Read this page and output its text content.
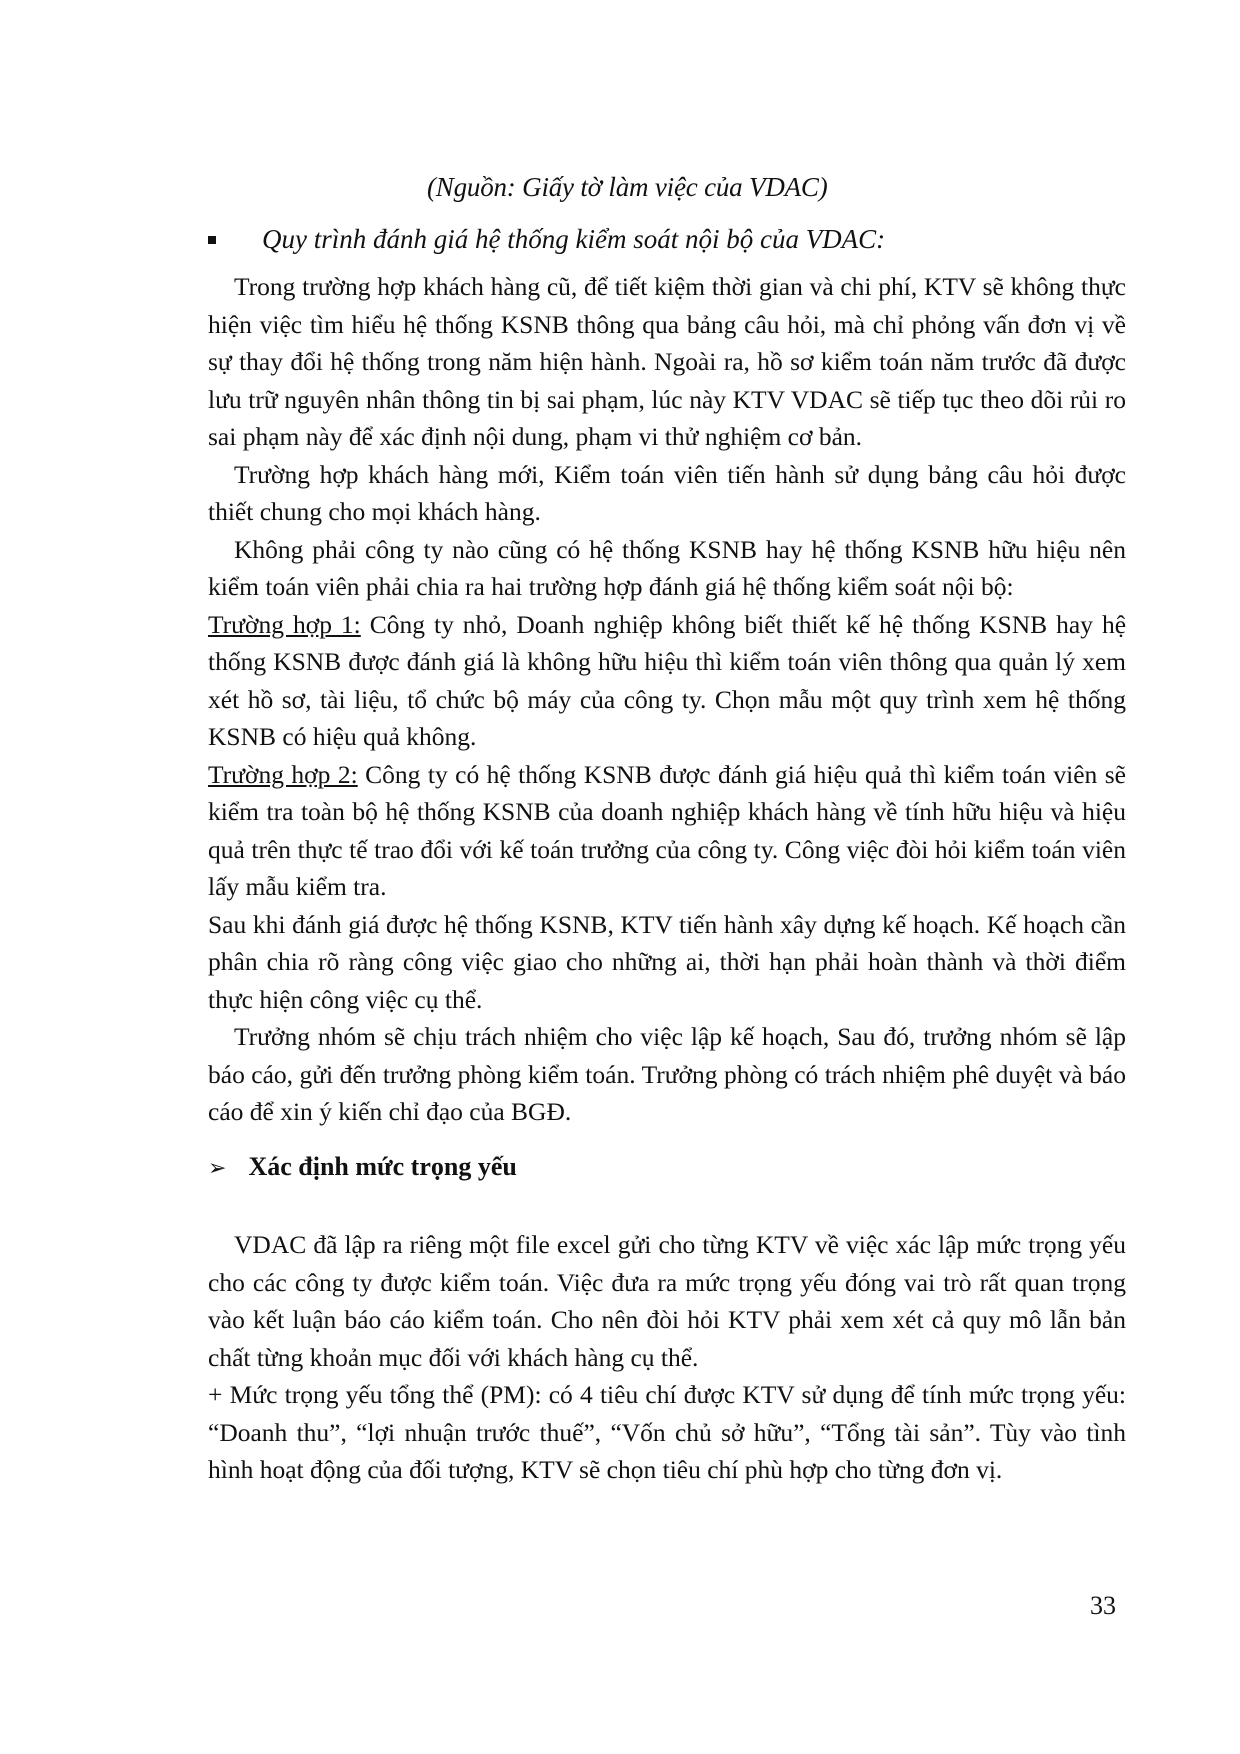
(Nguồn: Giấy tờ làm việc của VDAC)
Quy trình đánh giá hệ thống kiểm soát nội bộ của VDAC:

Trong trường hợp khách hàng cũ, để tiết kiệm thời gian và chi phí, KTV sẽ không thực hiện việc tìm hiểu hệ thống KSNB thông qua bảng câu hỏi, mà chỉ phỏng vấn đơn vị về sự thay đổi hệ thống trong năm hiện hành. Ngoài ra, hồ sơ kiểm toán năm trước đã được lưu trữ nguyên nhân thông tin bị sai phạm, lúc này KTV VDAC sẽ tiếp tục theo dõi rủi ro sai phạm này để xác định nội dung, phạm vi thử nghiệm cơ bản.

Trường hợp khách hàng mới, Kiểm toán viên tiến hành sử dụng bảng câu hỏi được thiết chung cho mọi khách hàng.

Không phải công ty nào cũng có hệ thống KSNB hay hệ thống KSNB hữu hiệu nên kiểm toán viên phải chia ra hai trường hợp đánh giá hệ thống kiểm soát nội bộ:

Trường hợp 1: Công ty nhỏ, Doanh nghiệp không biết thiết kế hệ thống KSNB hay hệ thống KSNB được đánh giá là không hữu hiệu thì kiểm toán viên thông qua quản lý xem xét hồ sơ, tài liệu, tổ chức bộ máy của công ty. Chọn mẫu một quy trình xem hệ thống KSNB có hiệu quả không.

Trường hợp 2: Công ty có hệ thống KSNB được đánh giá hiệu quả thì kiểm toán viên sẽ kiểm tra toàn bộ hệ thống KSNB của doanh nghiệp khách hàng về tính hữu hiệu và hiệu quả trên thực tế trao đổi với kế toán trưởng của công ty. Công việc đòi hỏi kiểm toán viên lấy mẫu kiểm tra.

Sau khi đánh giá được hệ thống KSNB, KTV tiến hành xây dựng kế hoạch. Kế hoạch cần phân chia rõ ràng công việc giao cho những ai, thời hạn phải hoàn thành và thời điểm thực hiện công việc cụ thể.

Trưởng nhóm sẽ chịu trách nhiệm cho việc lập kế hoạch, Sau đó, trưởng nhóm sẽ lập báo cáo, gửi đến trưởng phòng kiểm toán. Trưởng phòng có trách nhiệm phê duyệt và báo cáo để xin ý kiến chỉ đạo của BGĐ.

➢ Xác định mức trọng yếu

VDAC đã lập ra riêng một file excel gửi cho từng KTV về việc xác lập mức trọng yếu cho các công ty được kiểm toán. Việc đưa ra mức trọng yếu đóng vai trò rất quan trọng vào kết luận báo cáo kiểm toán. Cho nên đòi hỏi KTV phải xem xét cả quy mô lẫn bản chất từng khoản mục đối với khách hàng cụ thể.

+ Mức trọng yếu tổng thể (PM): có 4 tiêu chí được KTV sử dụng để tính mức trọng yếu: “Doanh thu”, “lợi nhuận trước thuế”, “Vốn chủ sở hữu”, “Tổng tài sản”. Tùy vào tình hình hoạt động của đối tượng, KTV sẽ chọn tiêu chí phù hợp cho từng đơn vị.

33
